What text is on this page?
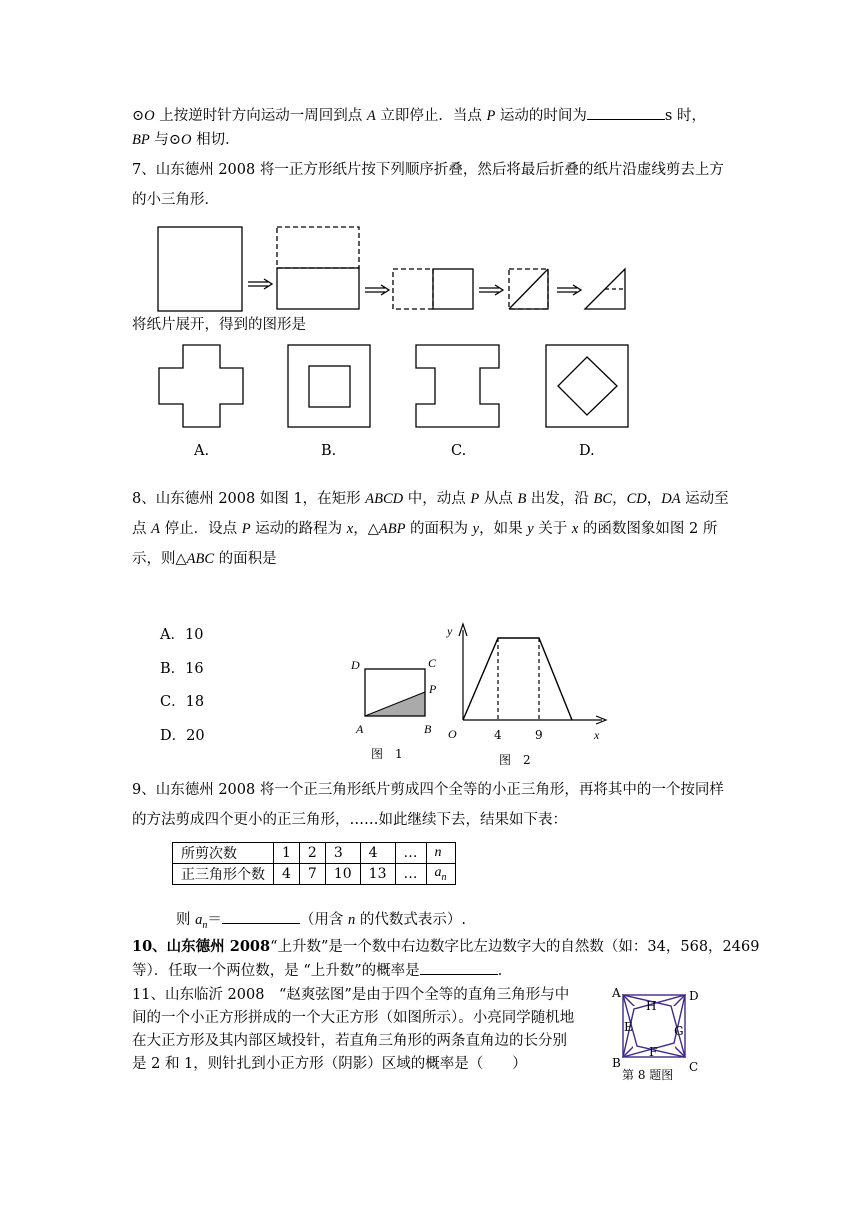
⊙O 上按逆时针方向运动一周回到点 A 立即停止．当点 P 运动的时间为	s 时，
BP 与⊙O 相切．
7、山东德州 2008 将一正方形纸片按下列顺序折叠，然后将最后折叠的纸片沿虚线剪去上方
的小三角形．
将纸片展开，得到的图形是
A.	B.	C.	D.
8、山东德州 2008 如图 1，在矩形 ABCD 中，动点 P 从点 B 出发，沿 BC，CD，DA 运动至
点 A 停止．设点 P 运动的路程为 x，△ABP 的面积为 y，如果 y 关于 x 的函数图象如图 2 所
示，则△ABC 的面积是
A．10
B．16
C．18
D．20
D	C
P
A	B
图　1
y
x
O	4	9
图　2
9、山东德州 2008 将一个正三角形纸片剪成四个全等的小正三角形，再将其中的一个按同样
的方法剪成四个更小的正三角形，……如此继续下去，结果如下表：
所剪次数	1	2	3	4	…	n
正三角形个数	4	7	10	13	…	$a_n$
则 $a_n=$	（用含 n 的代数式表示）.
10、山东德州 2008“上升数”是一个数中右边数字比左边数字大的自然数（如：34，568，2469
等）．任取一个两位数，是 “上升数”的概率是	．
11、山东临沂 2008　“赵爽弦图”是由于四个全等的直角三角形与中
间的一个小正方形拼成的一个大正方形（如图所示）。小亮同学随机地
在大正方形及其内部区域投针，若直角三角形的两条直角边的长分别
是 2 和 1，则针扎到小正方形（阴影）区域的概率是（　　）
A	D
H
E	G
F
B	C
第 8 题图
